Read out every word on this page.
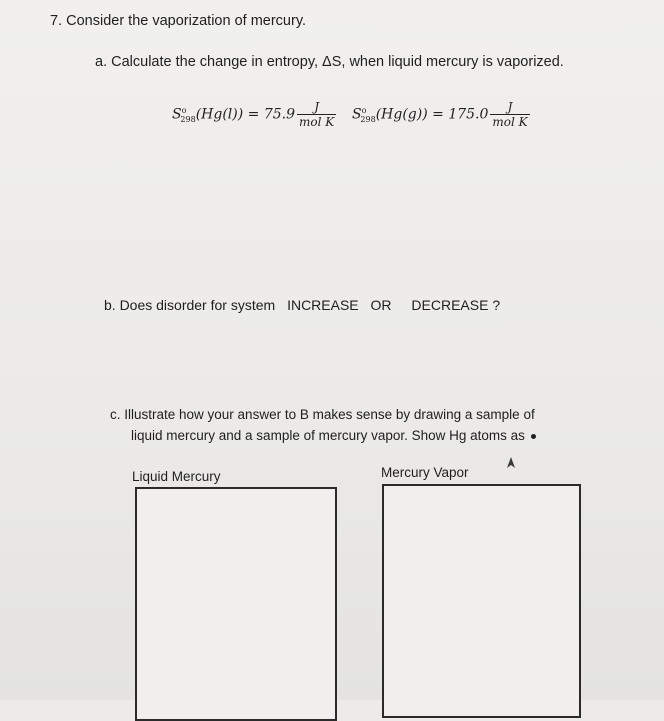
7. Consider the vaporization of mercury.
a. Calculate the change in entropy, ΔS, when liquid mercury is vaporized.
$S^o_{298}(Hg(l)) = 75.9 \frac{J}{\text{mol K}} S^o_{298}(Hg(g)) = 175.0 \frac{J}{\text{mol K}}$
b. Does disorder for system INCREASE OR DECREASE ?
c. Illustrate how your answer to B makes sense by drawing a sample of
liquid mercury and a sample of mercury vapor. Show Hg atoms as
Liquid Mercury	Mercury Vapor
